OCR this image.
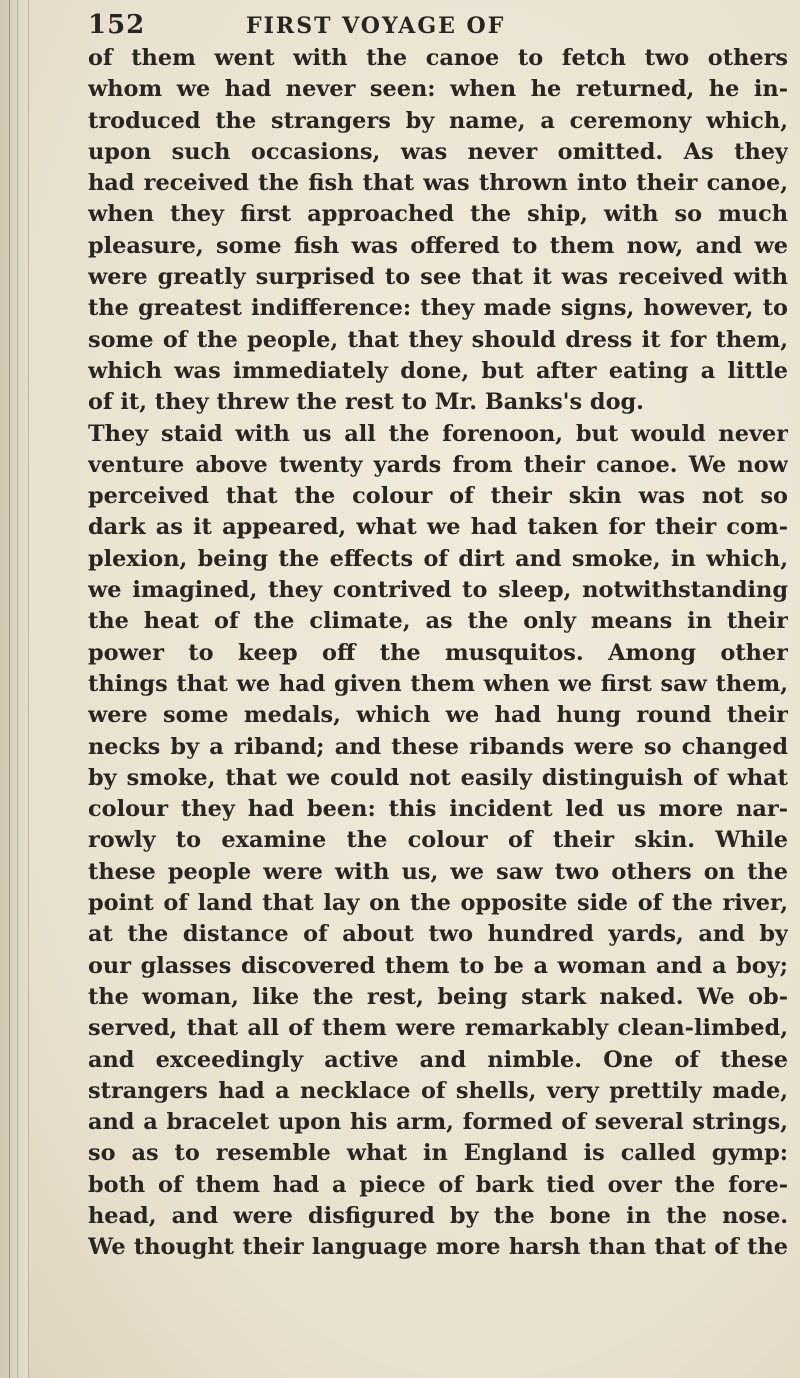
152	FIRST VOYAGE OF
of them went with the canoe to fetch two others
whom we had never seen: when he returned, he in-
troduced the strangers by name, a ceremony which,
upon such occasions, was never omitted. As they
had received the fish that was thrown into their canoe,
when they first approached the ship, with so much
pleasure, some fish was offered to them now, and we
were greatly surprised to see that it was received with
the greatest indifference: they made signs, however, to
some of the people, that they should dress it for them,
which was immediately done, but after eating a little
of it, they threw the rest to Mr. Banks's dog.
They staid with us all the forenoon, but would never
venture above twenty yards from their canoe. We now
perceived that the colour of their skin was not so
dark as it appeared, what we had taken for their com-
plexion, being the effects of dirt and smoke, in which,
we imagined, they contrived to sleep, notwithstanding
the heat of the climate, as the only means in their
power to keep off the musquitos. Among other
things that we had given them when we first saw them,
were some medals, which we had hung round their
necks by a riband; and these ribands were so changed
by smoke, that we could not easily distinguish of what
colour they had been: this incident led us more nar-
rowly to examine the colour of their skin. While
these people were with us, we saw two others on the
point of land that lay on the opposite side of the river,
at the distance of about two hundred yards, and by
our glasses discovered them to be a woman and a boy;
the woman, like the rest, being stark naked. We ob-
served, that all of them were remarkably clean-limbed,
and exceedingly active and nimble. One of these
strangers had a necklace of shells, very prettily made,
and a bracelet upon his arm, formed of several strings,
so as to resemble what in England is called gymp:
both of them had a piece of bark tied over the fore-
head, and were disfigured by the bone in the nose.
We thought their language more harsh than that of the
